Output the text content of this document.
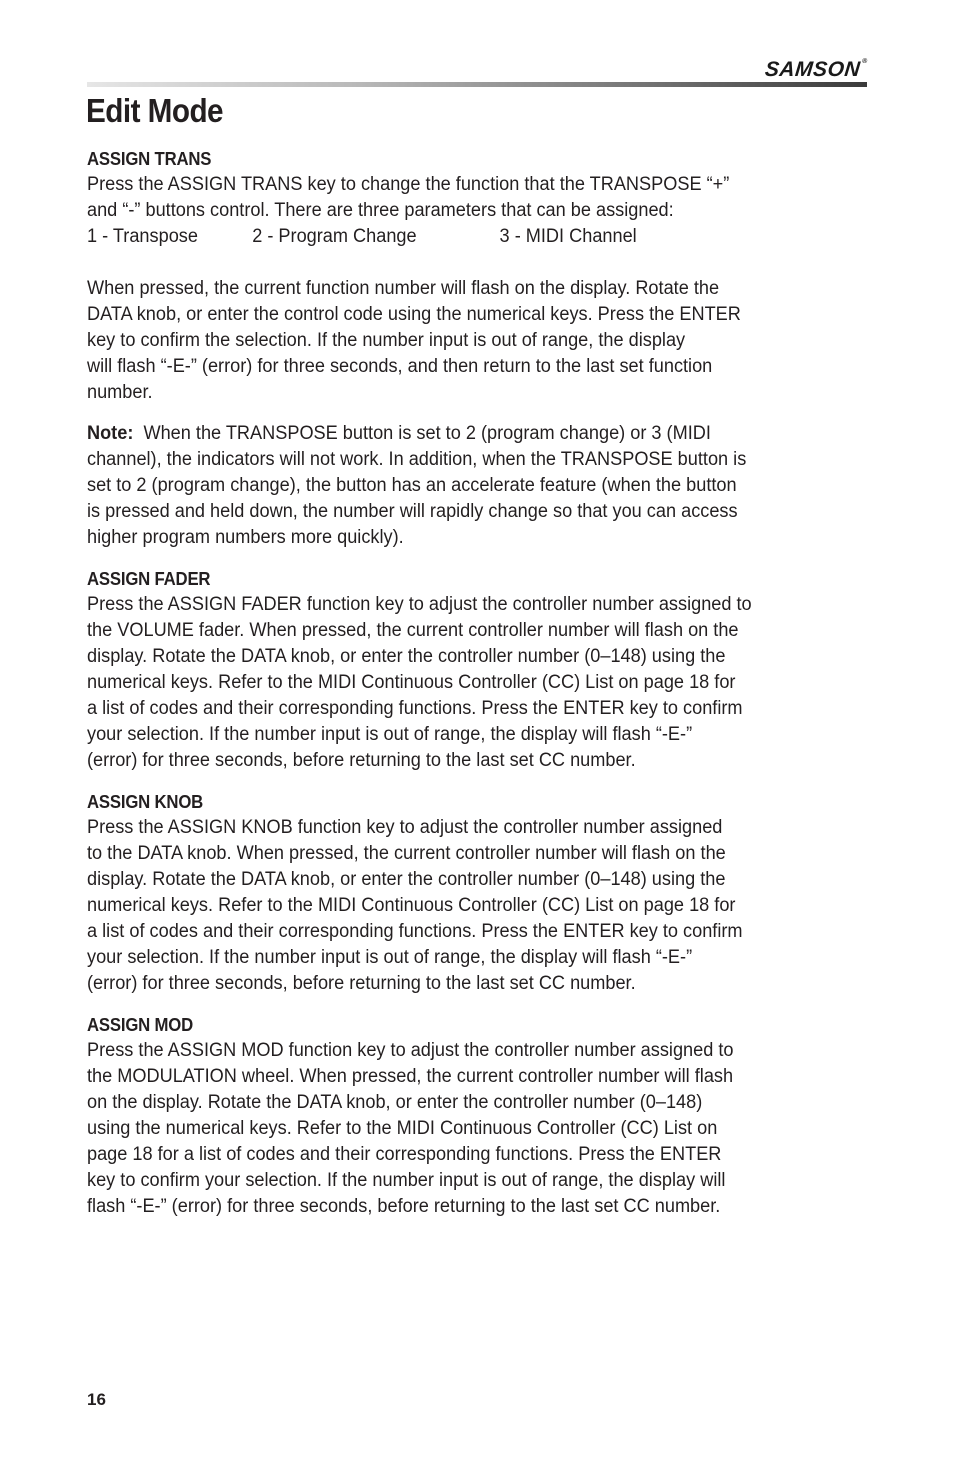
SAMSON®
Edit Mode
ASSIGN TRANS

Press the ASSIGN TRANS key to change the function that the TRANSPOSE “+”
and “-” buttons control. There are three parameters that can be assigned:
1 - Transpose	2 - Program Change	3 - MIDI Channel

When pressed, the current function number will flash on the display. Rotate the
DATA knob, or enter the control code using the numerical keys. Press the ENTER
key to confirm the selection. If the number input is out of range, the display
will flash “-E-” (error) for three seconds, and then return to the last set function
number.

Note: When the TRANSPOSE button is set to 2 (program change) or 3 (MIDI
channel), the indicators will not work. In addition, when the TRANSPOSE button is
set to 2 (program change), the button has an accelerate feature (when the button
is pressed and held down, the number will rapidly change so that you can access
higher program numbers more quickly).

ASSIGN FADER

Press the ASSIGN FADER function key to adjust the controller number assigned to
the VOLUME fader. When pressed, the current controller number will flash on the
display. Rotate the DATA knob, or enter the controller number (0–148) using the
numerical keys. Refer to the MIDI Continuous Controller (CC) List on page 18 for
a list of codes and their corresponding functions. Press the ENTER key to confirm
your selection. If the number input is out of range, the display will flash “-E-”
(error) for three seconds, before returning to the last set CC number.

ASSIGN KNOB

Press the ASSIGN KNOB function key to adjust the controller number assigned
to the DATA knob. When pressed, the current controller number will flash on the
display. Rotate the DATA knob, or enter the controller number (0–148) using the
numerical keys. Refer to the MIDI Continuous Controller (CC) List on page 18 for
a list of codes and their corresponding functions. Press the ENTER key to confirm
your selection. If the number input is out of range, the display will flash “-E-”
(error) for three seconds, before returning to the last set CC number.

ASSIGN MOD

Press the ASSIGN MOD function key to adjust the controller number assigned to
the MODULATION wheel. When pressed, the current controller number will flash
on the display. Rotate the DATA knob, or enter the controller number (0–148)
using the numerical keys. Refer to the MIDI Continuous Controller (CC) List on
page 18 for a list of codes and their corresponding functions. Press the ENTER
key to confirm your selection. If the number input is out of range, the display will
flash “-E-” (error) for three seconds, before returning to the last set CC number.

16
